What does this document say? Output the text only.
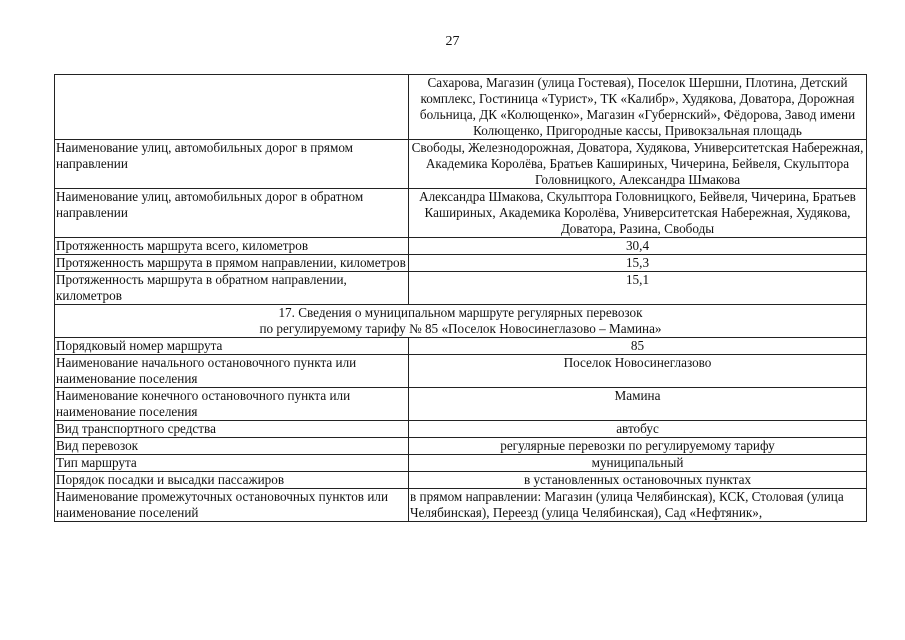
27
	Сахарова, Магазин (улица Гостевая), Поселок Шершни, Плотина, Детский комплекс, Гостиница «Турист», ТК «Калибр», Худякова, Доватора, Дорожная больница, ДК «Колющенко», Магазин «Губернский», Фёдорова, Завод имени Колющенко, Пригородные кассы, Привокзальная площадь
Наименование улиц, автомобильных дорог в прямом направлении	Свободы, Железнодорожная, Доватора, Худякова, Университетская Набережная, Академика Королёва, Братьев Кашириных, Чичерина, Бейвеля, Скульптора Головницкого, Александра Шмакова
Наименование улиц, автомобильных дорог в обратном направлении	Александра Шмакова, Скульптора Головницкого, Бейвеля, Чичерина, Братьев Кашириных, Академика Королёва, Университетская Набережная, Худякова, Доватора, Разина, Свободы
Протяженность маршрута всего, километров	30,4
Протяженность маршрута в прямом направлении, километров	15,3
Протяженность маршрута в обратном направлении, километров	15,1

17. Сведения о муниципальном маршруте регулярных перевозок
по регулируемому тарифу № 85 «Поселок Новосинеглазово – Мамина»	

Порядковый номер маршрута	85
Наименование начального остановочного пункта или наименование поселения	Поселок Новосинеглазово
Наименование конечного остановочного пункта или наименование поселения	Мамина
Вид транспортного средства	автобус
Вид перевозок	регулярные перевозки по регулируемому тарифу
Тип маршрута	муниципальный
Порядок посадки и высадки пассажиров	в установленных остановочных пунктах
Наименование промежуточных остановочных пунктов или наименование поселений	в прямом направлении: Магазин (улица Челябинская), КСК, Столовая (улица Челябинская), Переезд (улица Челябинская), Сад «Нефтяник»,
